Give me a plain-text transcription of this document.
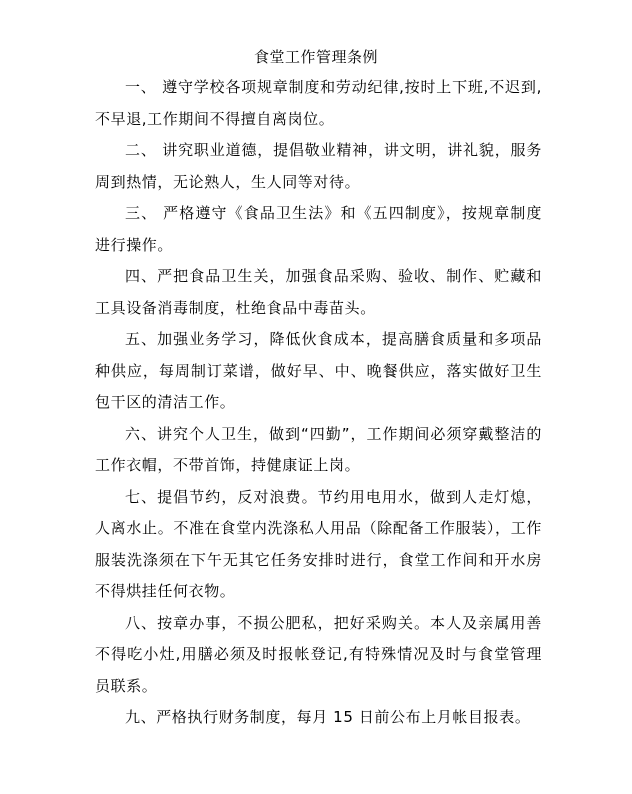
食堂工作管理条例

一、 遵守学校各项规章制度和劳动纪律,按时上下班,不迟到,不早退,工作期间不得擅自离岗位。

二、 讲究职业道德，提倡敬业精神，讲文明，讲礼貌，服务周到热情，无论熟人，生人同等对待。

三、 严格遵守《食品卫生法》和《五四制度》，按规章制度进行操作。

四、严把食品卫生关，加强食品采购、验收、制作、贮藏和工具设备消毒制度，杜绝食品中毒苗头。

五、加强业务学习，降低伙食成本，提高膳食质量和多项品种供应，每周制订菜谱，做好早、中、晚餐供应，落实做好卫生包干区的清洁工作。

六、讲究个人卫生，做到“四勤”，工作期间必须穿戴整洁的工作衣帽，不带首饰，持健康证上岗。

七、提倡节约，反对浪费。节约用电用水，做到人走灯熄，人离水止。不准在食堂内洗涤私人用品（除配备工作服装），工作服装洗涤须在下午无其它任务安排时进行，食堂工作间和开水房不得烘挂任何衣物。

八、按章办事，不损公肥私，把好采购关。本人及亲属用善不得吃小灶,用膳必须及时报帐登记,有特殊情况及时与食堂管理员联系。

九、严格执行财务制度，每月 15 日前公布上月帐目报表。
